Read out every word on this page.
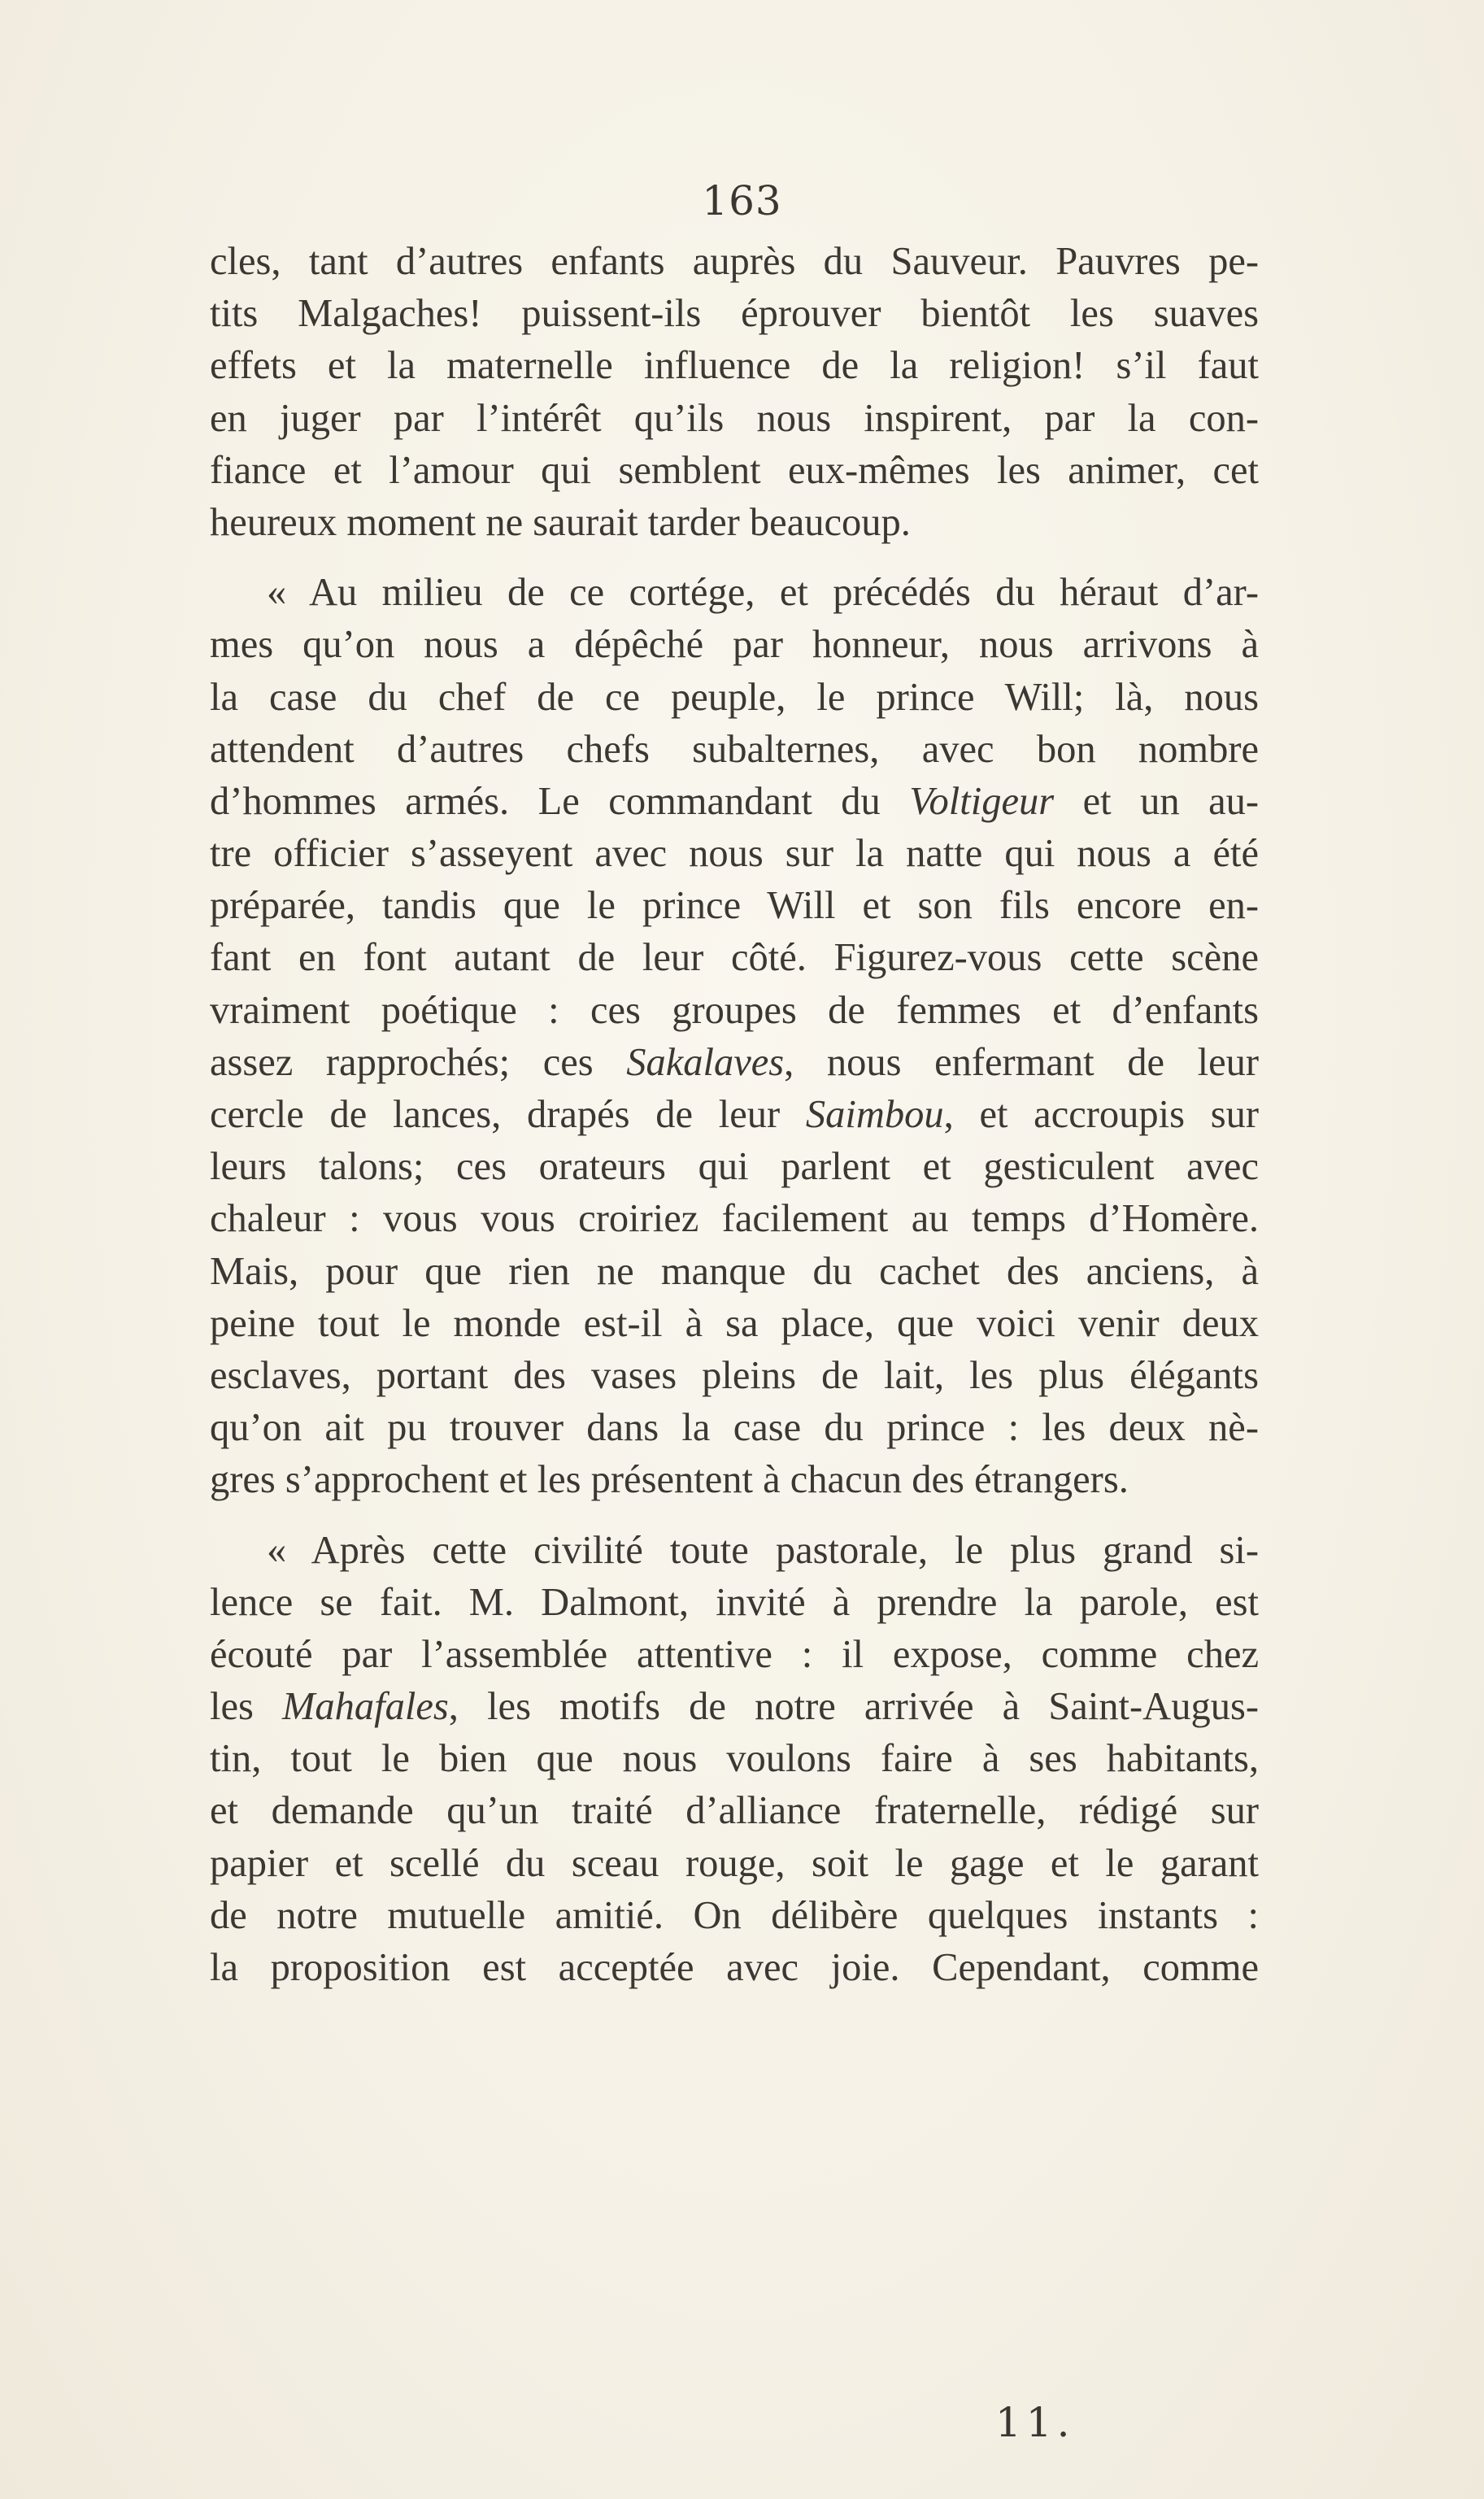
163
cles, tant d’autres enfants auprès du Sauveur. Pauvres pe-
tits Malgaches! puissent-ils éprouver bientôt les suaves
effets et la maternelle influence de la religion! s’il faut
en juger par l’intérêt qu’ils nous inspirent, par la con-
fiance et l’amour qui semblent eux-mêmes les animer, cet
heureux moment ne saurait tarder beaucoup.
« Au milieu de ce cortége, et précédés du héraut d’ar-
mes qu’on nous a dépêché par honneur, nous arrivons à
la case du chef de ce peuple, le prince Will; là, nous
attendent d’autres chefs subalternes, avec bon nombre
d’hommes armés. Le commandant du Voltigeur et un au-
tre officier s’asseyent avec nous sur la natte qui nous a été
préparée, tandis que le prince Will et son fils encore en-
fant en font autant de leur côté. Figurez-vous cette scène
vraiment poétique : ces groupes de femmes et d’enfants
assez rapprochés; ces Sakalaves, nous enfermant de leur
cercle de lances, drapés de leur Saimbou, et accroupis sur
leurs talons; ces orateurs qui parlent et gesticulent avec
chaleur : vous vous croiriez facilement au temps d’Homère.
Mais, pour que rien ne manque du cachet des anciens, à
peine tout le monde est-il à sa place, que voici venir deux
esclaves, portant des vases pleins de lait, les plus élégants
qu’on ait pu trouver dans la case du prince : les deux nè-
gres s’approchent et les présentent à chacun des étrangers.
« Après cette civilité toute pastorale, le plus grand si-
lence se fait. M. Dalmont, invité à prendre la parole, est
écouté par l’assemblée attentive : il expose, comme chez
les Mahafales, les motifs de notre arrivée à Saint-Augus-
tin, tout le bien que nous voulons faire à ses habitants,
et demande qu’un traité d’alliance fraternelle, rédigé sur
papier et scellé du sceau rouge, soit le gage et le garant
de notre mutuelle amitié. On délibère quelques instants :
la proposition est acceptée avec joie. Cependant, comme
11.
